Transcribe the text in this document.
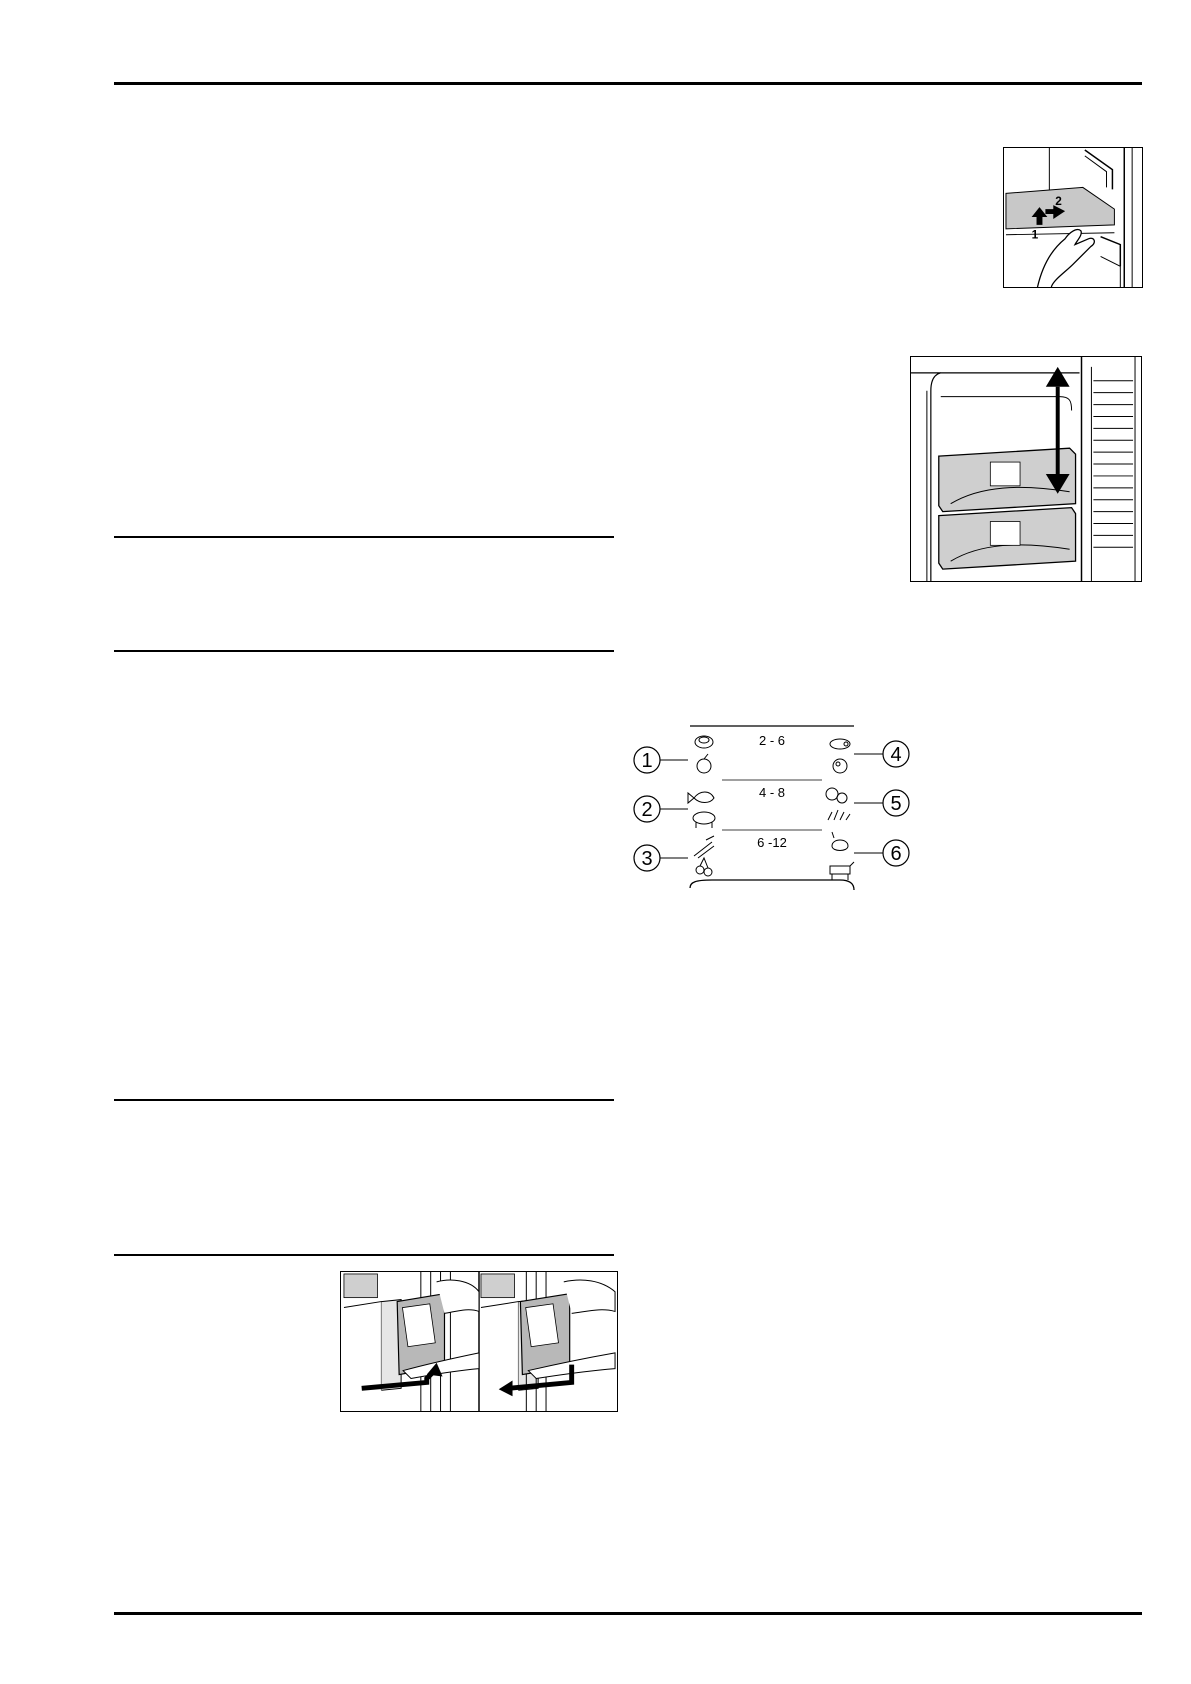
1
2
2 - 6
4 - 8
6 -12
1
2
3
4
5
6
